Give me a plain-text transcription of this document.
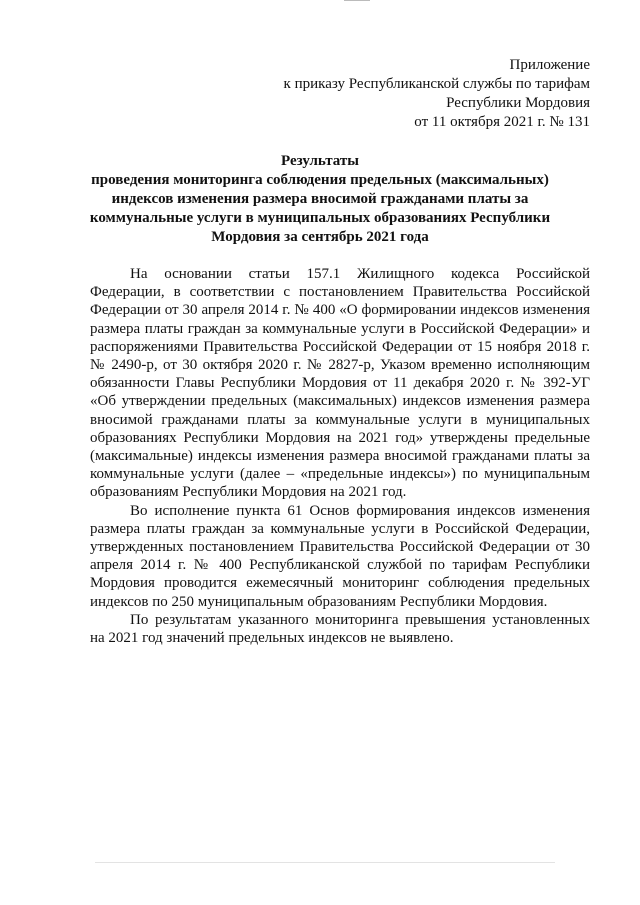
Приложение
к приказу Республиканской службы по тарифам
Республики Мордовия
от 11 октября 2021 г. № 131
Результаты
проведения мониторинга соблюдения предельных (максимальных)
индексов изменения размера вносимой гражданами платы за
коммунальные услуги в муниципальных образованиях Республики
Мордовия за сентябрь 2021 года

На основании статьи 157.1 Жилищного кодекса Российской Федерации, в соответствии с постановлением Правительства Российской Федерации от 30 апреля 2014 г. № 400 «О формировании индексов изменения размера платы граждан за коммунальные услуги в Российской Федерации» и распоряжениями Правительства Российской Федерации от 15 ноября 2018 г. № 2490-р, от 30 октября 2020 г. № 2827-р, Указом временно исполняющим обязанности Главы Республики Мордовия от 11 декабря 2020 г. № 392-УГ «Об утверждении предельных (максимальных) индексов изменения размера вносимой гражданами платы за коммунальные услуги в муниципальных образованиях Республики Мордовия на 2021 год» утверждены предельные (максимальные) индексы изменения размера вносимой гражданами платы за коммунальные услуги (далее – «предельные индексы») по муниципальным образованиям Республики Мордовия на 2021 год.

Во исполнение пункта 61 Основ формирования индексов изменения размера платы граждан за коммунальные услуги в Российской Федерации, утвержденных постановлением Правительства Российской Федерации от 30 апреля 2014 г. № 400 Республиканской службой по тарифам Республики Мордовия проводится ежемесячный мониторинг соблюдения предельных индексов по 250 муниципальным образованиям Республики Мордовия.

По результатам указанного мониторинга превышения установленных на 2021 год значений предельных индексов не выявлено.
